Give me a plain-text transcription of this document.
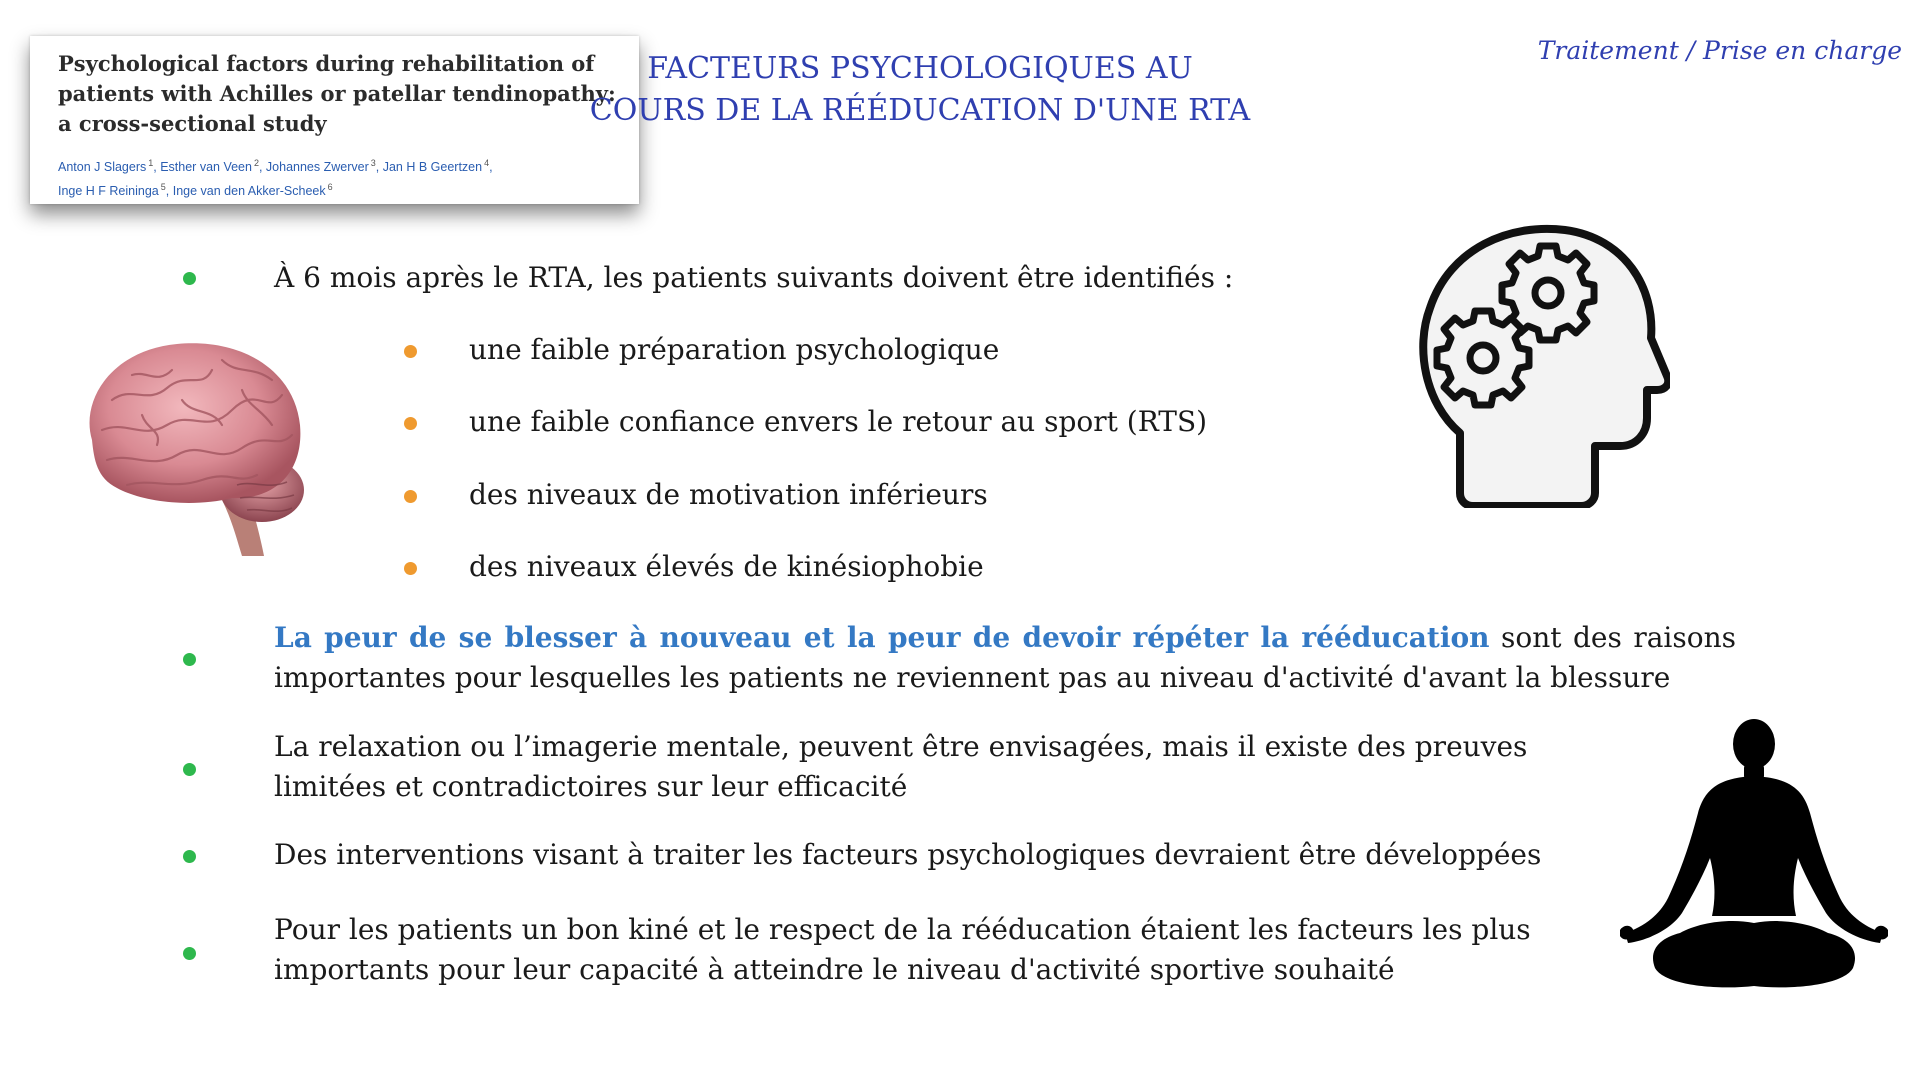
Psychological factors during rehabilitation of patients with Achilles or patellar tendinopathy: a cross-sectional study

Anton J Slagers $^1$, Esther van Veen $^2$, Johannes Zwerver $^3$, Jan H B Geertzen $^4$,
Inge H F Reininga $^5$, Inge van den Akker-Scheek $^6$
FACTEURS PSYCHOLOGIQUES AU
COURS DE LA RÉÉDUCATION D'UNE RTA
Traitement / Prise en charge

À 6 mois après le RTA, les patients suivants doivent être identifiés :

une faible préparation psychologique

une faible confiance envers le retour au sport (RTS)

des niveaux de motivation inférieurs

des niveaux élevés de kinésiophobie

La peur de se blesser à nouveau et la peur de devoir répéter la rééducation sont des raisons importantes pour lesquelles les patients ne reviennent pas au niveau d'activité d'avant la blessure

La relaxation ou l’imagerie mentale, peuvent être envisagées, mais il existe des preuves limitées et contradictoires sur leur efficacité

Des interventions visant à traiter les facteurs psychologiques devraient être développées

Pour les patients un bon kiné et le respect de la rééducation étaient les facteurs les plus importants pour leur capacité à atteindre le niveau d'activité sportive souhaité
